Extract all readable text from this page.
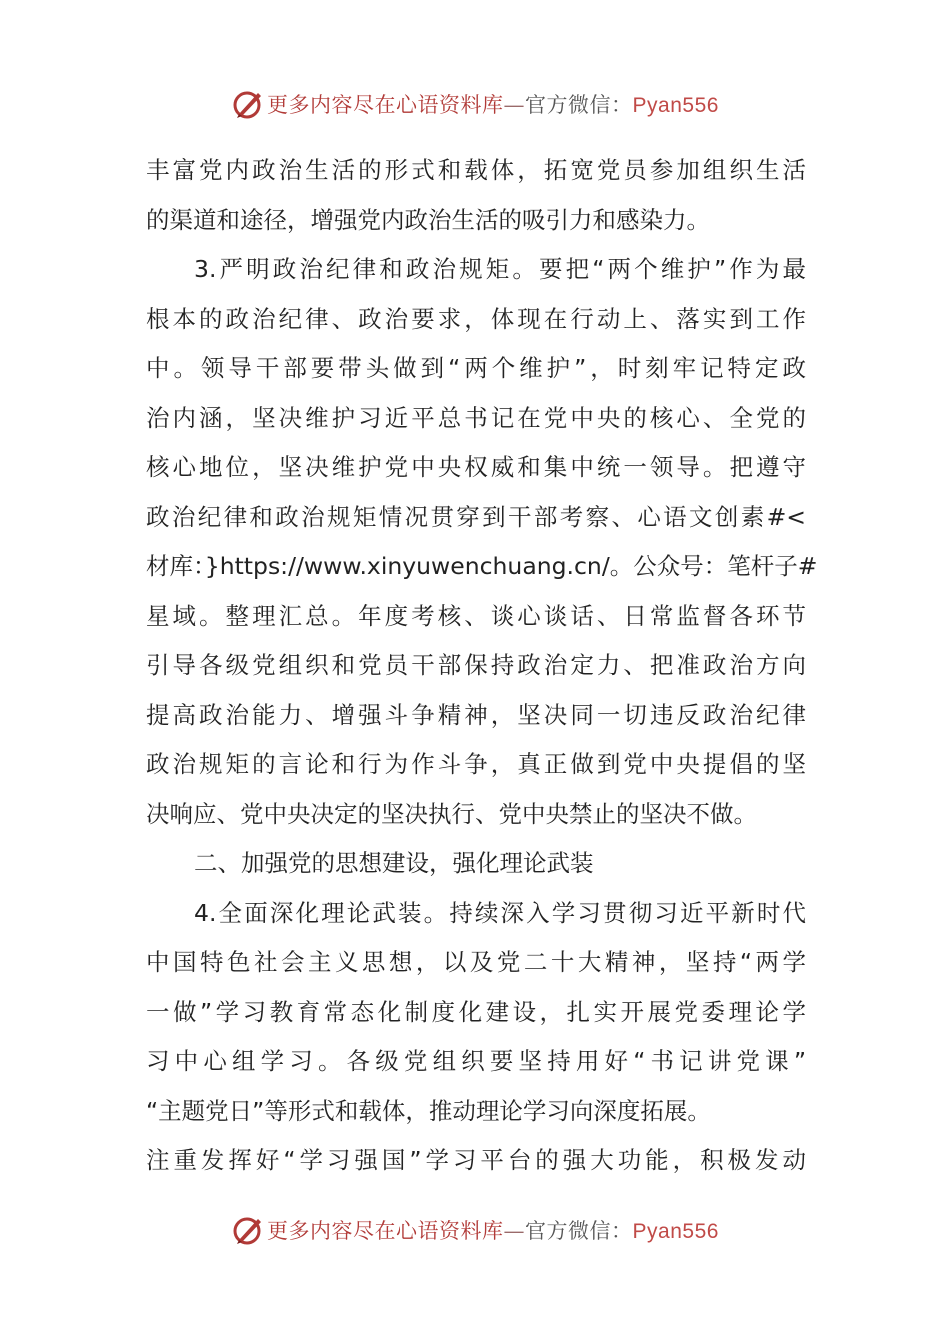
更多内容尽在心语资料库—官方微信：Pyan556
丰富党内政治生活的形式和载体，拓宽党员参加组织生活
的渠道和途径，增强党内政治生活的吸引力和感染力。
3.严明政治纪律和政治规矩。要把“两个维护”作为最
根本的政治纪律、政治要求，体现在行动上、落实到工作
中。领导干部要带头做到“两个维护”，时刻牢记特定政
治内涵，坚决维护习近平总书记在党中央的核心、全党的
核心地位，坚决维护党中央权威和集中统一领导。把遵守
政治纪律和政治规矩情况贯穿到干部考察、心语文创素#<
材库：}https://www.xinyuwenchuang.cn/。公众号：笔杆子#
星域。整理汇总。年度考核、谈心谈话、日常监督各环节
引导各级党组织和党员干部保持政治定力、把准政治方向
提高政治能力、增强斗争精神，坚决同一切违反政治纪律
政治规矩的言论和行为作斗争，真正做到党中央提倡的坚
决响应、党中央决定的坚决执行、党中央禁止的坚决不做。
二、加强党的思想建设，强化理论武装
4.全面深化理论武装。持续深入学习贯彻习近平新时代
中国特色社会主义思想，以及党二十大精神，坚持“两学
一做”学习教育常态化制度化建设，扎实开展党委理论学
习中心组学习。各级党组织要坚持用好“书记讲党课”
“主题党日”等形式和载体，推动理论学习向深度拓展。
注重发挥好“学习强国”学习平台的强大功能，积极发动
更多内容尽在心语资料库—官方微信：Pyan556
